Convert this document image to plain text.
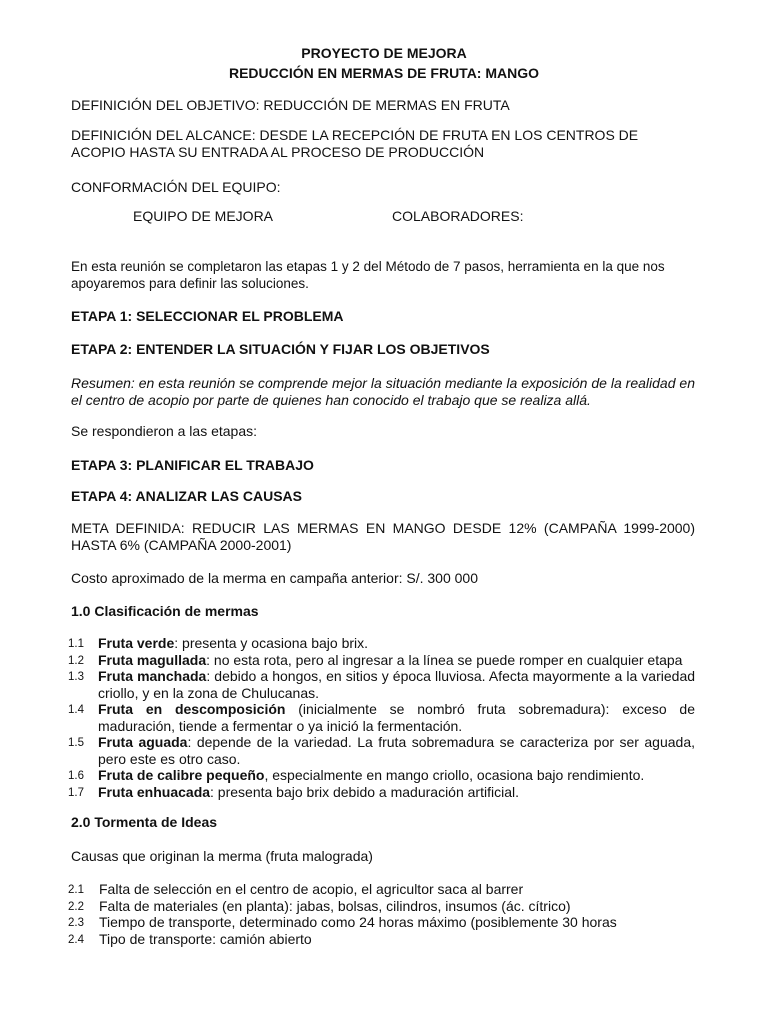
PROYECTO DE MEJORA

REDUCCIÓN EN MERMAS DE FRUTA: MANGO

DEFINICIÓN DEL OBJETIVO: REDUCCIÓN DE MERMAS EN FRUTA

DEFINICIÓN DEL ALCANCE: DESDE LA RECEPCIÓN DE FRUTA EN LOS CENTROS DE ACOPIO HASTA SU ENTRADA AL PROCESO DE PRODUCCIÓN

CONFORMACIÓN DEL EQUIPO:

EQUIPO DE MEJORA	COLABORADORES:

En esta reunión se completaron las etapas 1 y 2 del Método de 7 pasos, herramienta en la que nos apoyaremos para definir las soluciones.

ETAPA 1: SELECCIONAR EL PROBLEMA

ETAPA 2: ENTENDER LA SITUACIÓN Y FIJAR LOS OBJETIVOS

Resumen: en esta reunión se comprende mejor la situación mediante la exposición de la realidad en el centro de acopio por parte de quienes han conocido el trabajo que se realiza allá.

Se respondieron a las etapas:

ETAPA 3: PLANIFICAR EL TRABAJO

ETAPA 4: ANALIZAR LAS CAUSAS

META DEFINIDA: REDUCIR LAS MERMAS EN MANGO DESDE 12% (CAMPAÑA 1999-2000) HASTA 6% (CAMPAÑA 2000-2001)

Costo aproximado de la merma en campaña anterior: S/. 300 000

1.0 Clasificación de mermas

1.1 Fruta verde: presenta y ocasiona bajo brix.
1.2 Fruta magullada: no esta rota, pero al ingresar a la línea se puede romper en cualquier etapa
1.3 Fruta manchada: debido a hongos, en sitios y época lluviosa. Afecta mayormente a la variedad criollo, y en la zona de Chulucanas.
1.4 Fruta en descomposición (inicialmente se nombró fruta sobremadura): exceso de maduración, tiende a fermentar o ya inició la fermentación.
1.5 Fruta aguada: depende de la variedad. La fruta sobremadura se caracteriza por ser aguada, pero este es otro caso.
1.6 Fruta de calibre pequeño, especialmente en mango criollo, ocasiona bajo rendimiento.
1.7 Fruta enhuacada: presenta bajo brix debido a maduración artificial.

2.0 Tormenta de Ideas

Causas que originan la merma (fruta malograda)

2.1 Falta de selección en el centro de acopio, el agricultor saca al barrer
2.2 Falta de materiales (en planta): jabas, bolsas, cilindros, insumos (ác. cítrico)
2.3 Tiempo de transporte, determinado como 24 horas máximo (posiblemente 30 horas
2.4 Tipo de transporte: camión abierto
